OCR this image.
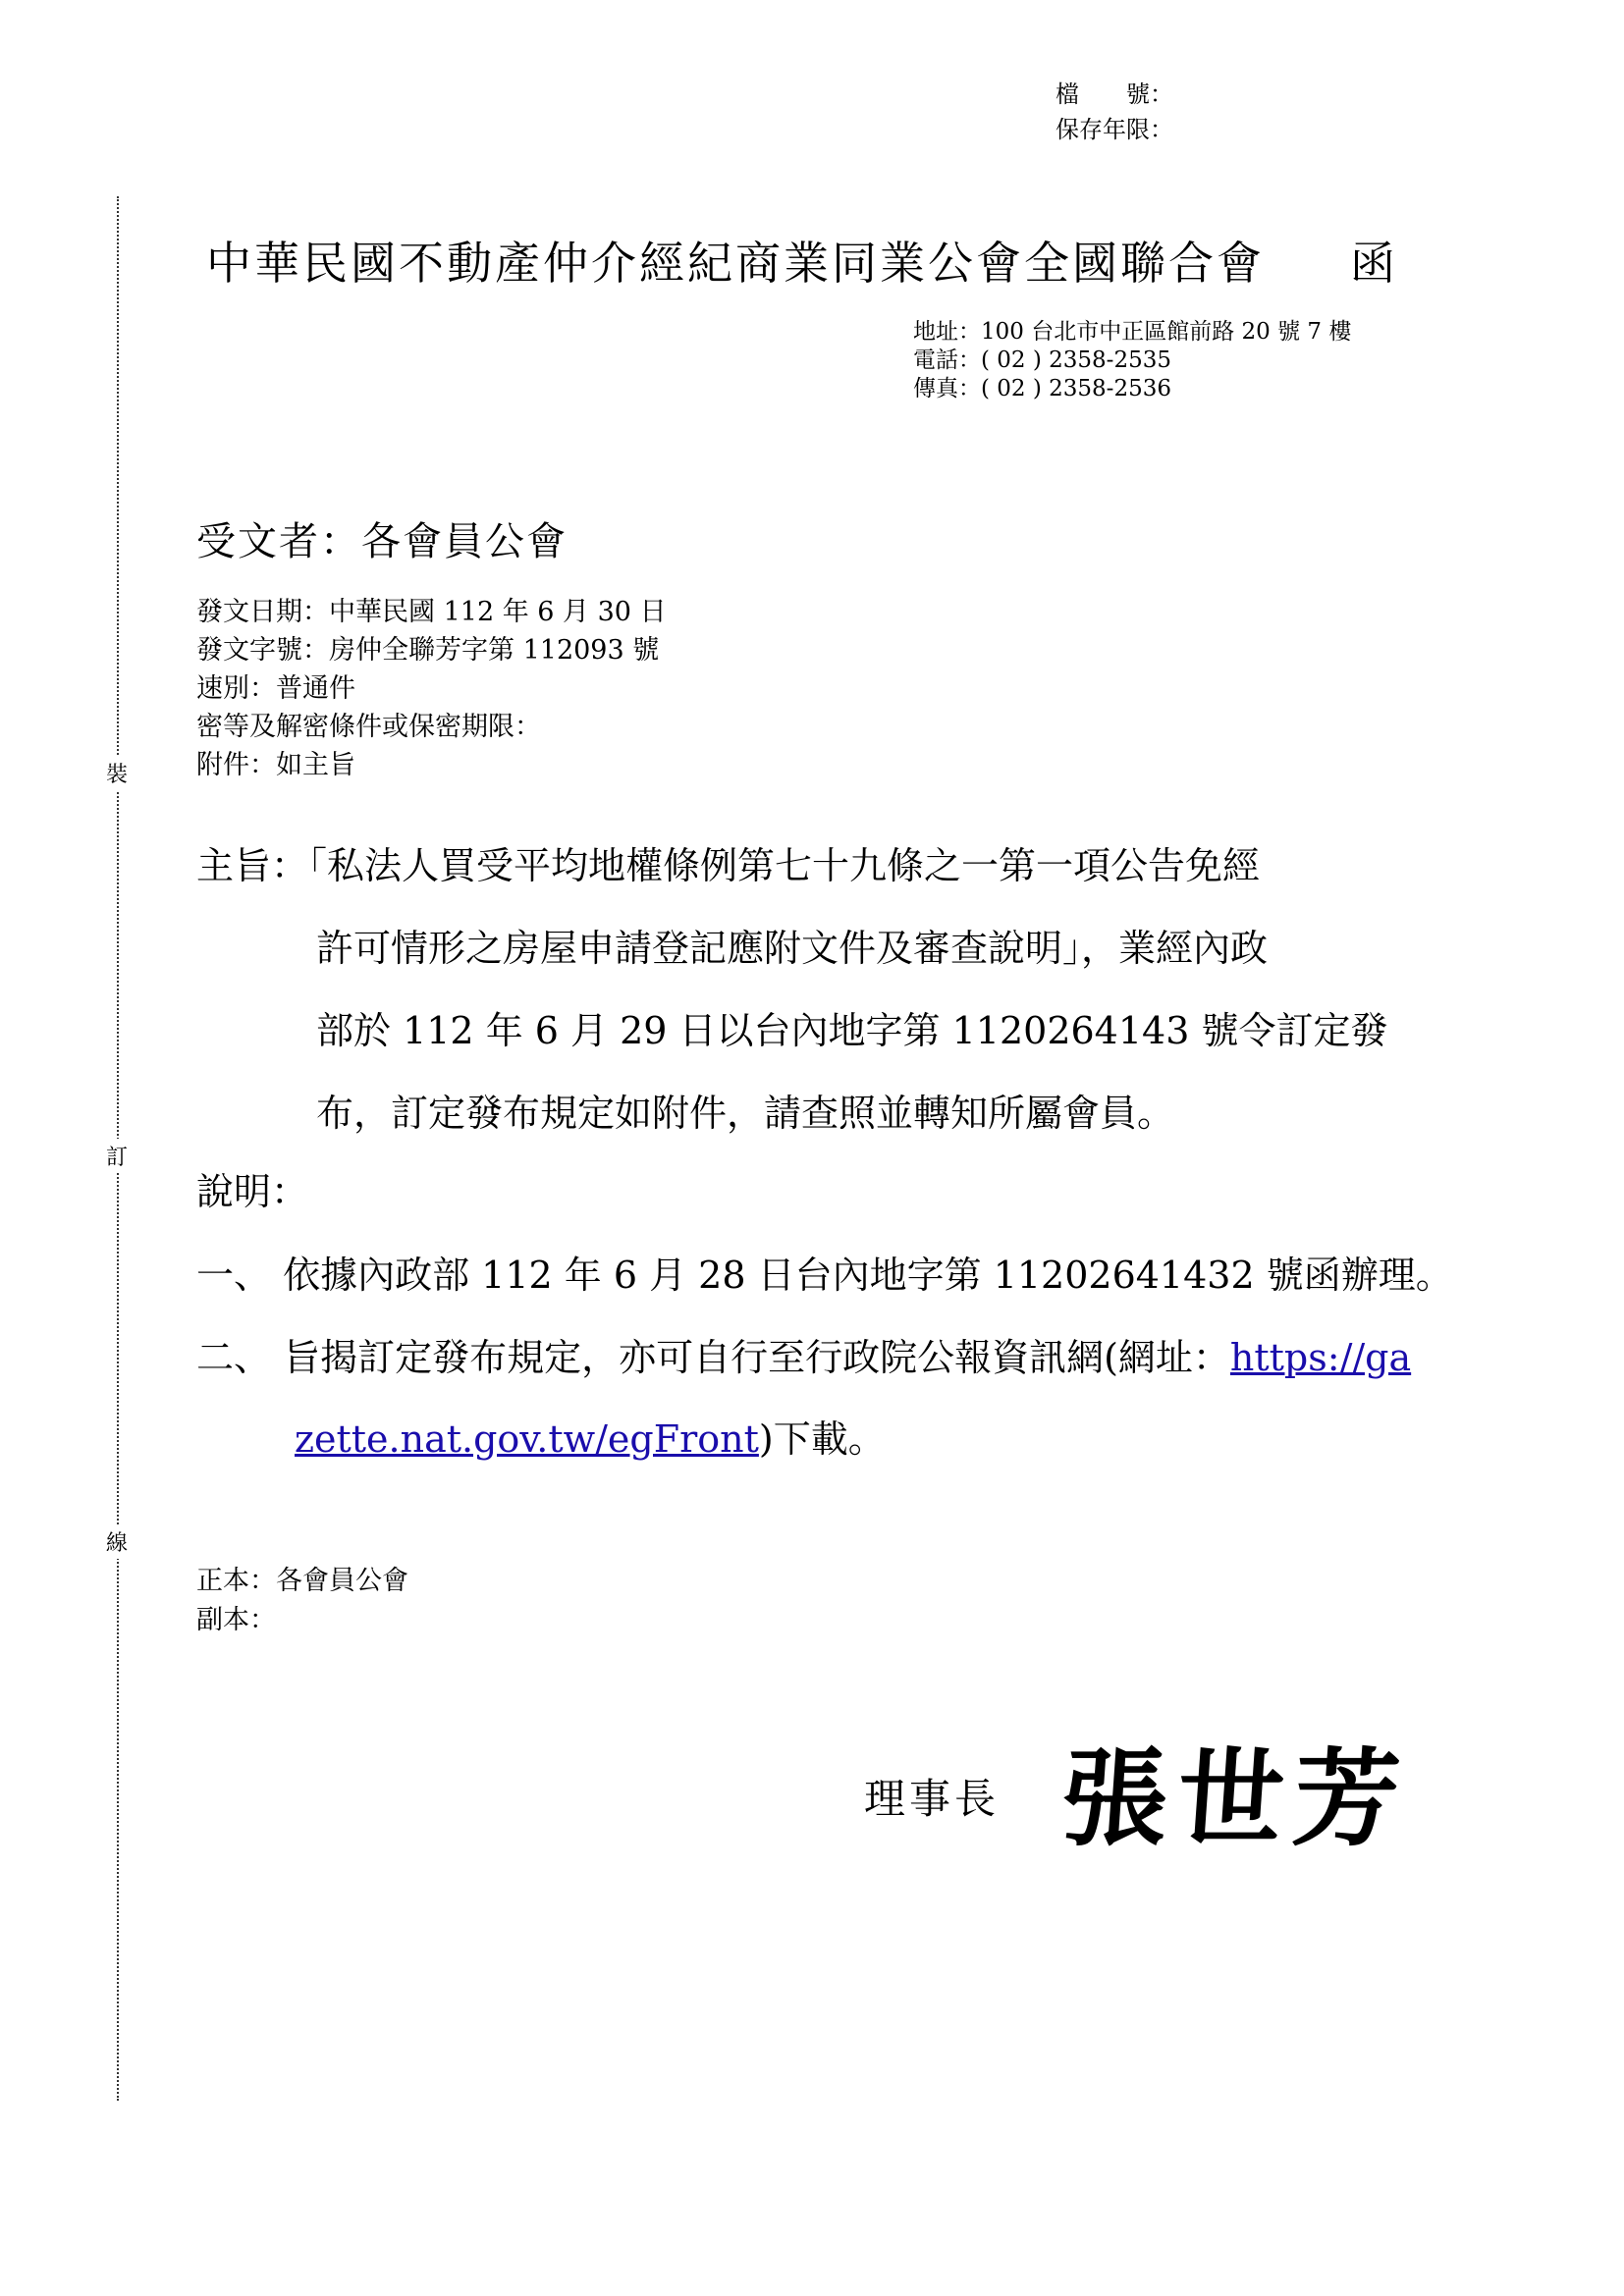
裝
訂
線
檔　　號：
保存年限：
中華民國不動產仲介經紀商業同業公會全國聯合會 函
地址：100 台北市中正區館前路 20 號 7 樓
電話：( 02 ) 2358-2535
傳真：( 02 ) 2358-2536
受文者：各會員公會
發文日期：中華民國 112 年 6 月 30 日
發文字號：房仲全聯芳字第 112093 號
速別：普通件
密等及解密條件或保密期限：
附件：如主旨
主旨：「私法人買受平均地權條例第七十九條之一第一項公告免經
許可情形之房屋申請登記應附文件及審查說明」，業經內政
部於 112 年 6 月 29 日以台內地字第 1120264143 號令訂定發
布，訂定發布規定如附件，請查照並轉知所屬會員。
說明：
一、 依據內政部 112 年 6 月 28 日台內地字第 11202641432 號函辦理。
二、 旨揭訂定發布規定，亦可自行至行政院公報資訊網(網址：https://ga
zette.nat.gov.tw/egFront)下載。
正本：各會員公會
副本：
理事長 張世芳
